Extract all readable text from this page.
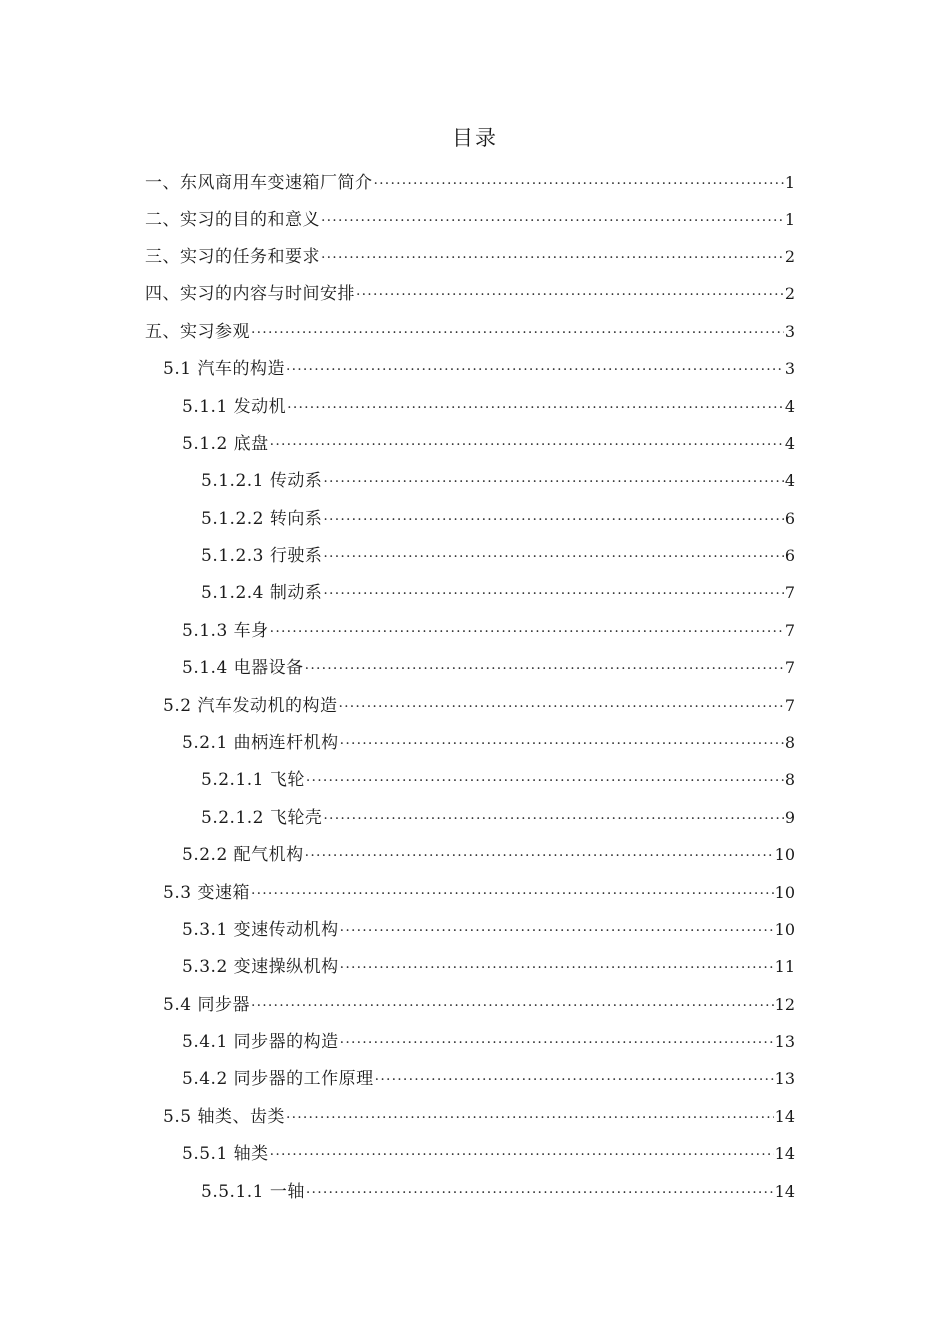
目录
一、东风商用车变速箱厂简介 ·····	1
二、实习的目的和意义 ·····	1
三、实习的任务和要求 ·····	2
四、实习的内容与时间安排 ·····	2
五、实习参观 ·····	3
5.1 汽车的构造 ·····	3
5.1.1 发动机 ·····	4
5.1.2 底盘 ·····	4
5.1.2.1 传动系 ·····	4
5.1.2.2 转向系 ·····	6
5.1.2.3 行驶系 ·····	6
5.1.2.4 制动系 ·····	7
5.1.3 车身 ·····	7
5.1.4 电器设备 ·····	7
5.2 汽车发动机的构造 ·····	7
5.2.1 曲柄连杆机构 ·····	8
5.2.1.1 飞轮 ·····	8
5.2.1.2 飞轮壳 ·····	9
5.2.2 配气机构 ·····	10
5.3 变速箱 ·····	10
5.3.1 变速传动机构 ·····	10
5.3.2 变速操纵机构 ·····	11
5.4 同步器 ·····	12
5.4.1 同步器的构造 ·····	13
5.4.2 同步器的工作原理 ·····	13
5.5 轴类、齿类 ·····	14
5.5.1 轴类 ·····	14
5.5.1.1 一轴 ·····	14
